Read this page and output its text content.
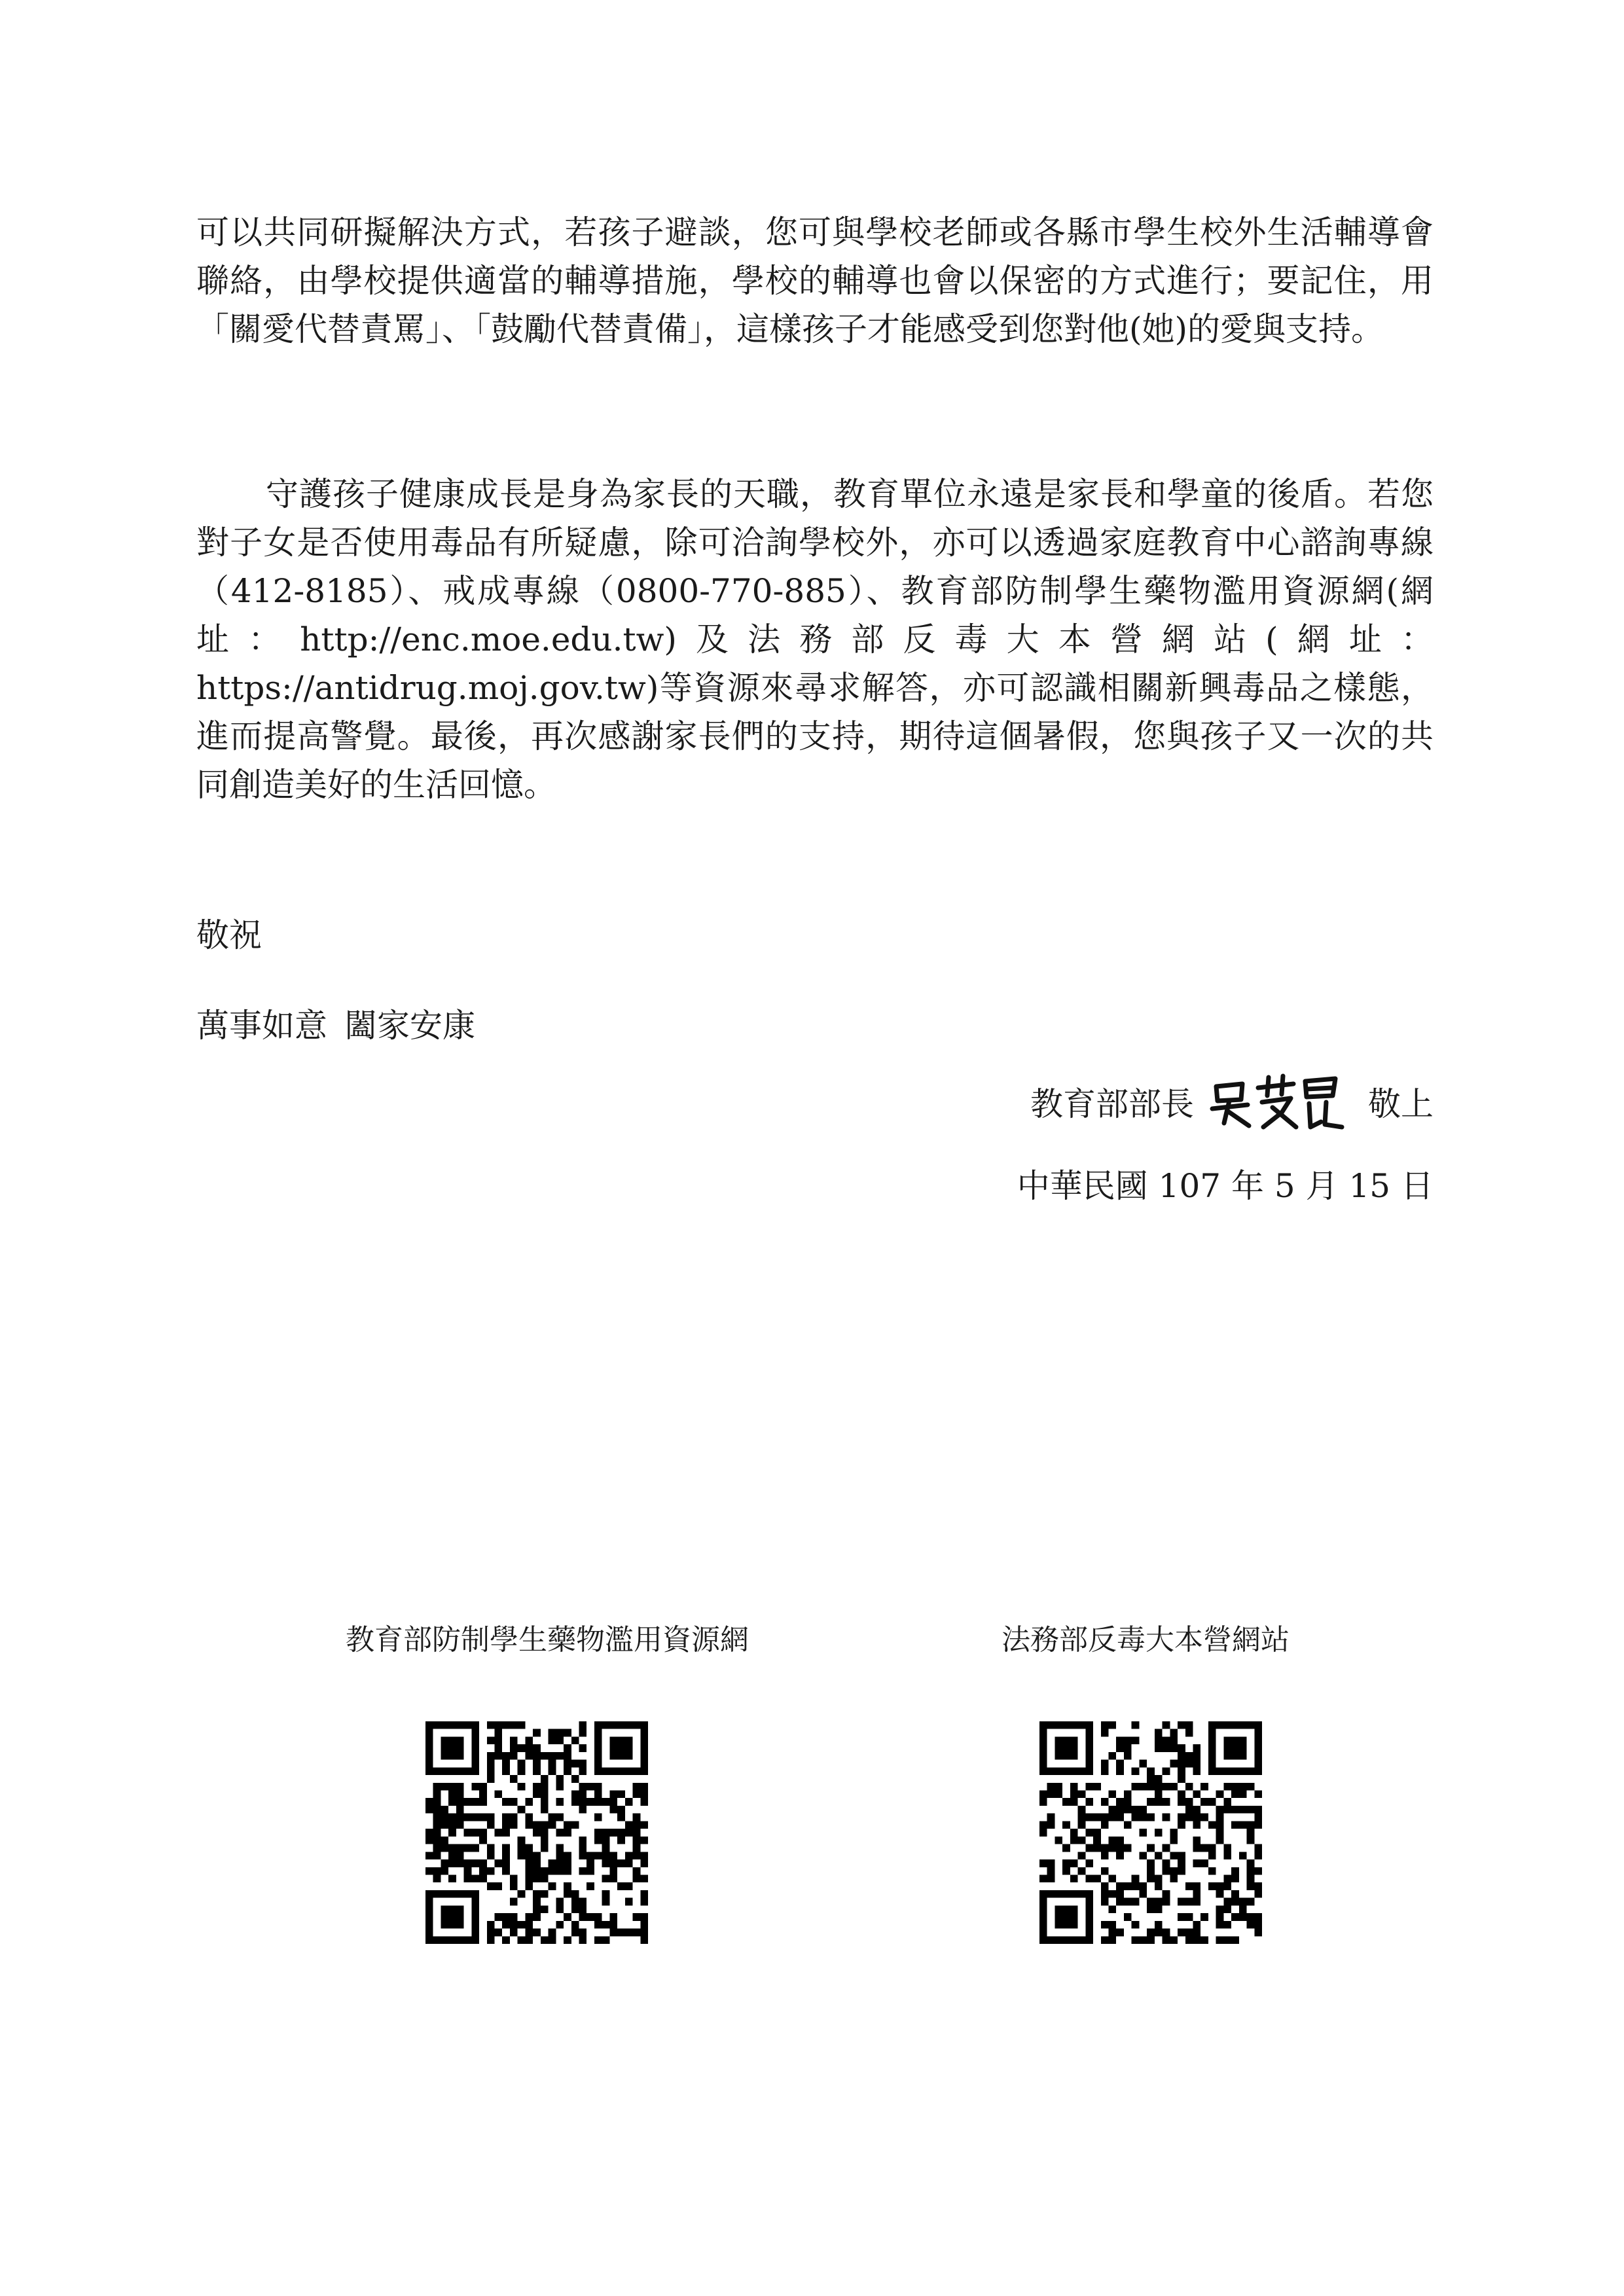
可以共同研擬解決方式，若孩子避談，您可與學校老師或各縣市學生校外生活輔導會聯絡，由學校提供適當的輔導措施，學校的輔導也會以保密的方式進行；要記住，用「關愛代替責罵」、「鼓勵代替責備」，這樣孩子才能感受到您對他(她)的愛與支持。
守護孩子健康成長是身為家長的天職，教育單位永遠是家長和學童的後盾。若您對子女是否使用毒品有所疑慮，除可洽詢學校外，亦可以透過家庭教育中心諮詢專線（412-8185）、戒成專線（0800-770-885）、教育部防制學生藥物濫用資源網(網址：http://enc.moe.edu.tw)及法務部反毒大本營網站(網址：https://antidrug.moj.gov.tw)等資源來尋求解答，亦可認識相關新興毒品之樣態，進而提高警覺。最後，再次感謝家長們的支持，期待這個暑假，您與孩子又一次的共同創造美好的生活回憶。
敬祝
萬事如意 闔家安康
教育部部長	敬上
中華民國 107 年 5 月 15 日
教育部防制學生藥物濫用資源網	法務部反毒大本營網站
